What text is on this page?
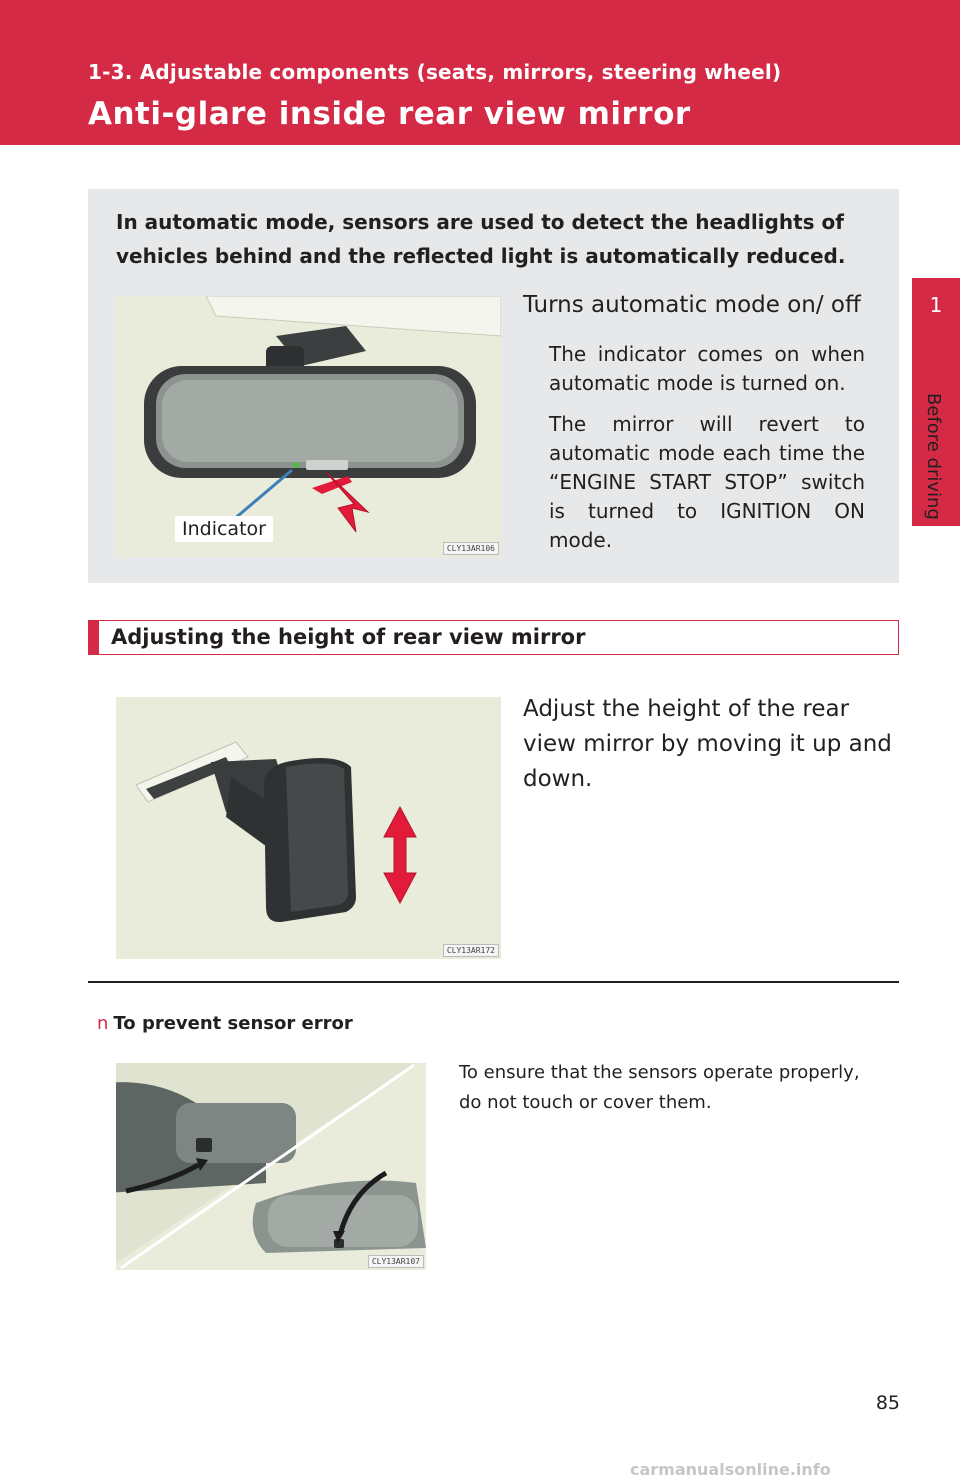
1-3. Adjustable components (seats, mirrors, steering wheel)
Anti-glare inside rear view mirror
1
Before driving
In automatic mode, sensors are used to detect the headlights of vehicles behind and the reflected light is automatically reduced.
CLY13AR106
Indicator
Turns automatic mode on/ off
The indicator comes on when automatic mode is turned on.
The mirror will revert to automatic mode each time the “ENGINE START STOP” switch is turned to IGNITION ON mode.
Adjusting the height of rear view mirror
CLY13AR172
Adjust the height of the rear view mirror by moving it up and down.
n To prevent sensor error
CLY13AR107
To ensure that the sensors operate properly, do not touch or cover them.
85
carmanualsonline.info
